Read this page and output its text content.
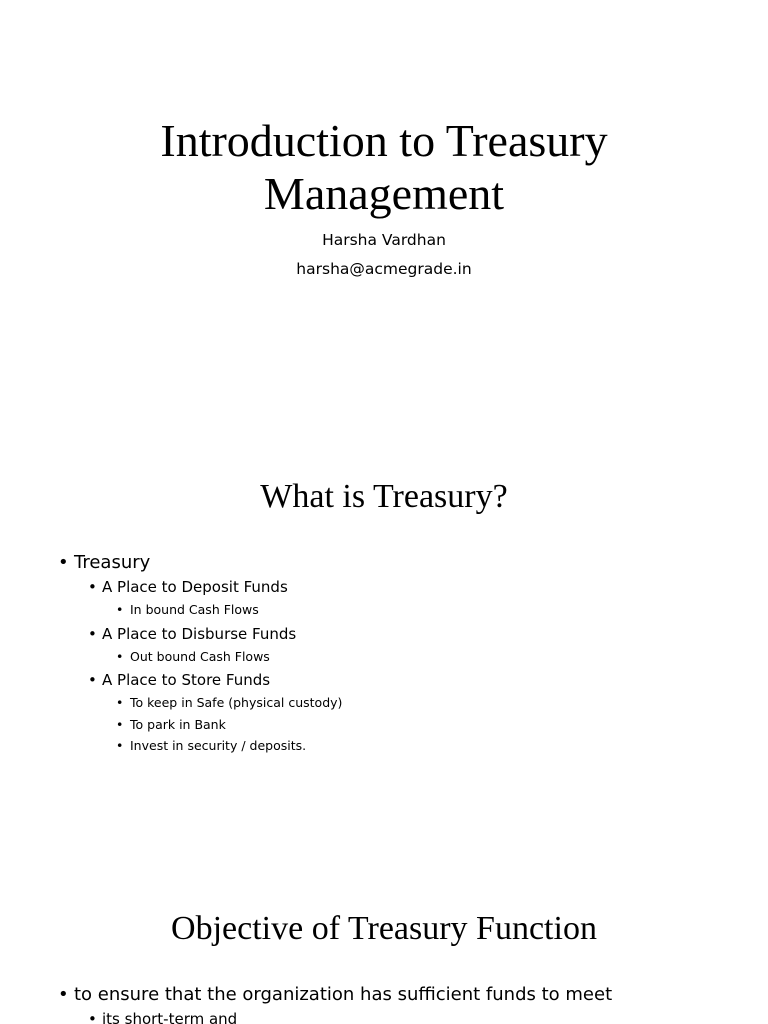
Introduction to Treasury
Management
Harsha Vardhan
harsha@acmegrade.in
What is Treasury?
• Treasury
• A Place to Deposit Funds
• In bound Cash Flows
• A Place to Disburse Funds
• Out bound Cash Flows
• A Place to Store Funds
• To keep in Safe (physical custody)
• To park in Bank
• Invest in security / deposits.
Objective of Treasury Function
• to ensure that the organization has sufficient funds to meet
• its short-term and
